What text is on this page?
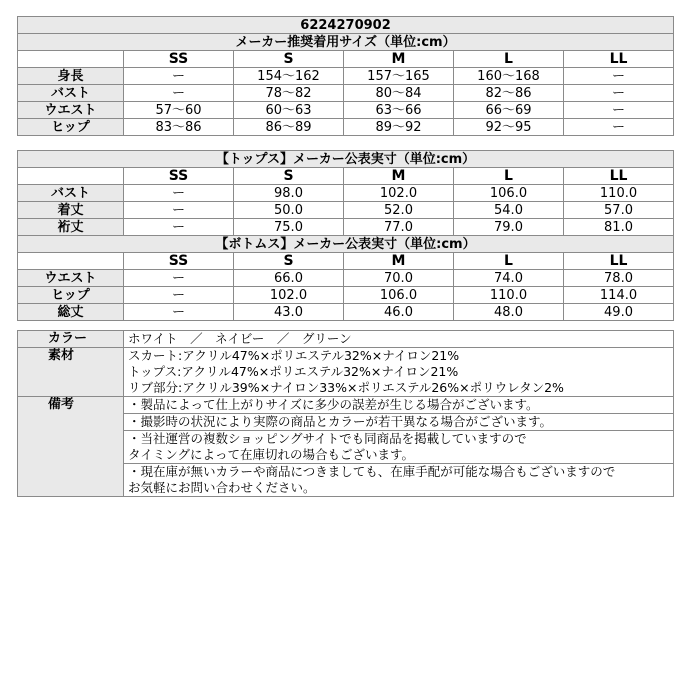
6224270902					
メーカー推奨着用サイズ（単位:cm）					
	SS	S	M	L	LL
身長	ー	154〜162	157〜165	160〜168	ー
バスト	ー	78〜82	80〜84	82〜86	ー
ウエスト	57〜60	60〜63	63〜66	66〜69	ー
ヒップ	83〜86	86〜89	89〜92	92〜95	ー
【トップス】メーカー公表実寸（単位:cm）					
	SS	S	M	L	LL
バスト	ー	98.0	102.0	106.0	110.0
着丈	ー	50.0	52.0	54.0	57.0
裄丈	ー	75.0	77.0	79.0	81.0
【ボトムス】メーカー公表実寸（単位:cm）					
	SS	S	M	L	LL
ウエスト	ー	66.0	70.0	74.0	78.0
ヒップ	ー	102.0	106.0	110.0	114.0
総丈	ー	43.0	46.0	48.0	49.0
カラー	ホワイト　／　ネイビー　／　グリーン
素材	スカート:アクリル47%×ポリエステル32%×ナイロン21%
トップス:アクリル47%×ポリエステル32%×ナイロン21%
リブ部分:アクリル39%×ナイロン33%×ポリエステル26%×ポリウレタン2%

備考	・製品によって仕上がりサイズに多少の誤差が生じる場合がございます。

	・撮影時の状況により実際の商品とカラーが若干異なる場合がございます。

	・当社運営の複数ショッピングサイトでも同商品を掲載していますので
タイミングによって在庫切れの場合もございます。

	・現在庫が無いカラーや商品につきましても、在庫手配が可能な場合もございますので
お気軽にお問い合わせください。
